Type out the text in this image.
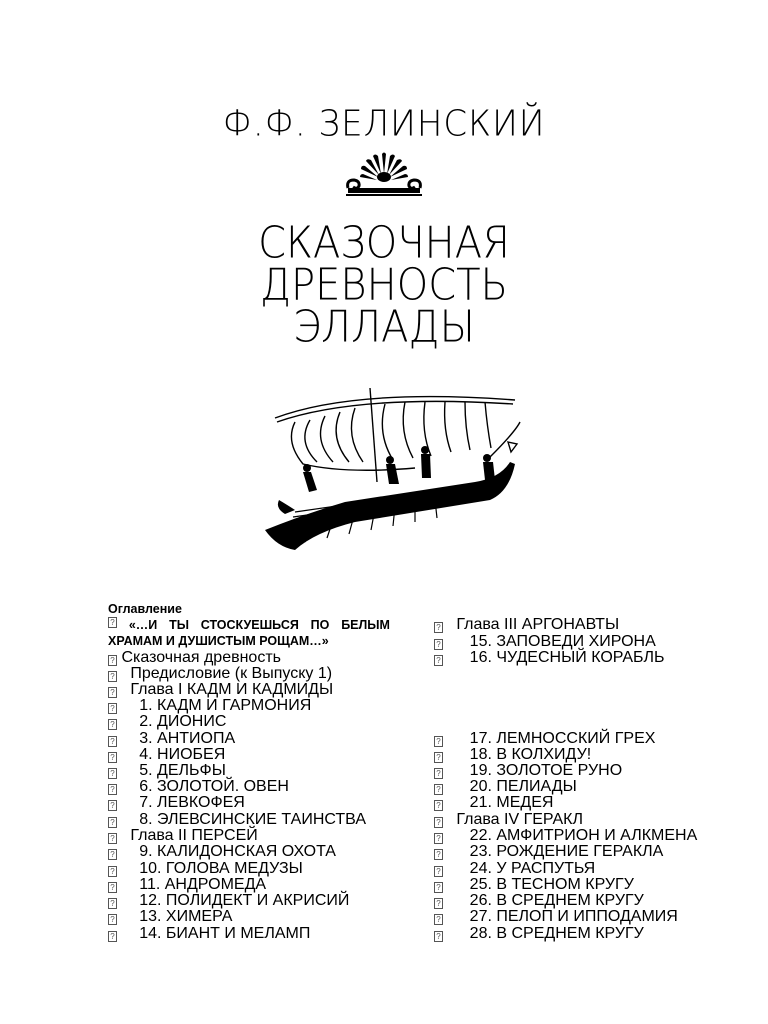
Ф.Ф. ЗЕЛИНСКИЙ
СКАЗОЧНАЯ
ДРЕВНОСТЬ
ЭЛЛАДЫ
Оглавление
? «…И ТЫ СТОСКУЕШЬСЯ ПО БЕЛЫМ
ХРАМАМ И ДУШИСТЫМ РОЩАМ…»
? Сказочная древность
? Предисловие (к Выпуску 1)
? Глава I КАДМ И КАДМИДЫ
? 1. КАДМ И ГАРМОНИЯ
? 2. ДИОНИС
? 3. АНТИОПА
? 4. НИОБЕЯ
? 5. ДЕЛЬФЫ
? 6. ЗОЛОТОЙ. ОВЕН
? 7. ЛЕВКОФЕЯ
? 8. ЭЛЕВСИНСКИЕ ТАИНСТВА
? Глава II ПЕРСЕЙ
? 9. КАЛИДОНСКАЯ ОХОТА
? 10. ГОЛОВА МЕДУЗЫ
? 11. АНДРОМЕДА
? 12. ПОЛИДЕКТ И АКРИСИЙ
? 13. ХИМЕРА
? 14. БИАНТ И МЕЛАМП
? Глава III АРГОНАВТЫ
? 15. ЗАПОВЕДИ ХИРОНА
? 16. ЧУДЕСНЫЙ КОРАБЛЬ
? 17. ЛЕМНОССКИЙ ГРЕХ
? 18. В КОЛХИДУ!
? 19. ЗОЛОТОЕ РУНО
? 20. ПЕЛИАДЫ
? 21. МЕДЕЯ
? Глава IV ГЕРАКЛ
? 22. АМФИТРИОН И АЛКМЕНА
? 23. РОЖДЕНИЕ ГЕРАКЛА
? 24. У РАСПУТЬЯ
? 25. В ТЕСНОМ КРУГУ
? 26. В СРЕДНЕМ КРУГУ
? 27. ПЕЛОП И ИППОДАМИЯ
? 28. В СРЕДНЕМ КРУГУ
